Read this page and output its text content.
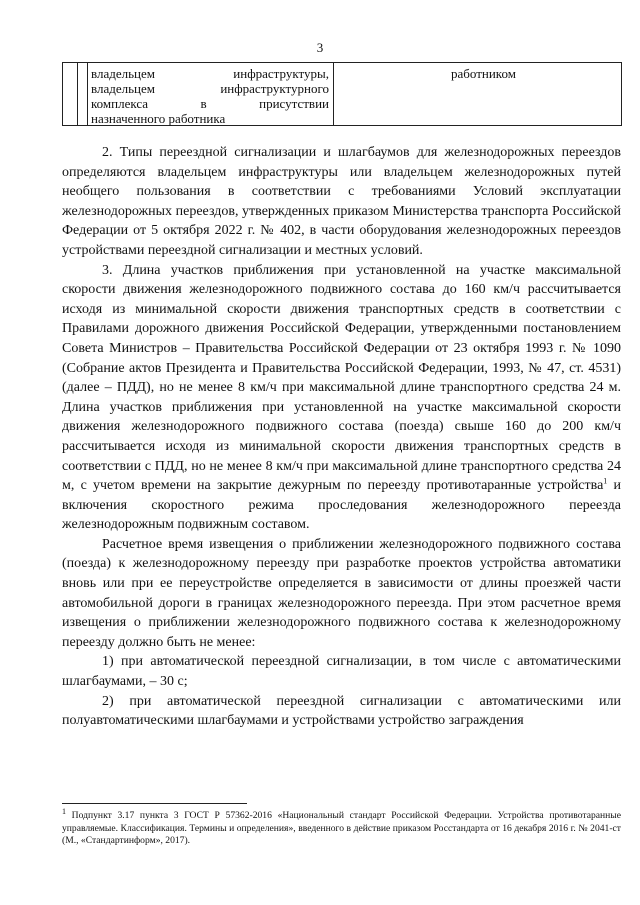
3
владельцем инфраструктуры,
владельцем инфраструктурного
комплекса в присутствии
назначенного работника
работником

2. Типы переездной сигнализации и шлагбаумов для железнодорожных переездов определяются владельцем инфраструктуры или владельцем железнодорожных путей необщего пользования в соответствии с требованиями Условий эксплуатации железнодорожных переездов, утвержденных приказом Министерства транспорта Российской Федерации от 5 октября 2022 г. № 402, в части оборудования железнодорожных переездов устройствами переездной сигнализации и местных условий.

3. Длина участков приближения при установленной на участке максимальной скорости движения железнодорожного подвижного состава до 160 км/ч рассчитывается исходя из минимальной скорости движения транспортных средств в соответствии с Правилами дорожного движения Российской Федерации, утвержденными постановлением Совета Министров – Правительства Российской Федерации от 23 октября 1993 г. № 1090 (Собрание актов Президента и Правительства Российской Федерации, 1993, № 47, ст. 4531) (далее – ПДД), но не менее 8 км/ч при максимальной длине транспортного средства 24 м. Длина участков приближения при установленной на участке максимальной скорости движения железнодорожного подвижного состава (поезда) свыше 160 до 200 км/ч рассчитывается исходя из минимальной скорости движения транспортных средств в соответствии с ПДД, но не менее 8 км/ч при максимальной длине транспортного средства 24 м, с учетом времени на закрытие дежурным по переезду противотаранные устройства$^1$ и включения скоростного режима проследования железнодорожного переезда железнодорожным подвижным составом.

Расчетное время извещения о приближении железнодорожного подвижного состава (поезда) к железнодорожному переезду при разработке проектов устройства автоматики вновь или при ее переустройстве определяется в зависимости от длины проезжей части автомобильной дороги в границах железнодорожного переезда. При этом расчетное время извещения о приближении железнодорожного подвижного состава к железнодорожному переезду должно быть не менее:

1) при автоматической переездной сигнализации, в том числе с автоматическими шлагбаумами, – 30 с;

2) при автоматической переездной сигнализации с автоматическими или полуавтоматическими шлагбаумами и устройствами устройство заграждения

$^1$ Подпункт 3.17 пункта 3 ГОСТ Р 57362-2016 «Национальный стандарт Российской Федерации. Устройства противотаранные управляемые. Классификация. Термины и определения», введенного в действие приказом Росстандарта от 16 декабря 2016 г. № 2041-ст (М., «Стандартинформ», 2017).
